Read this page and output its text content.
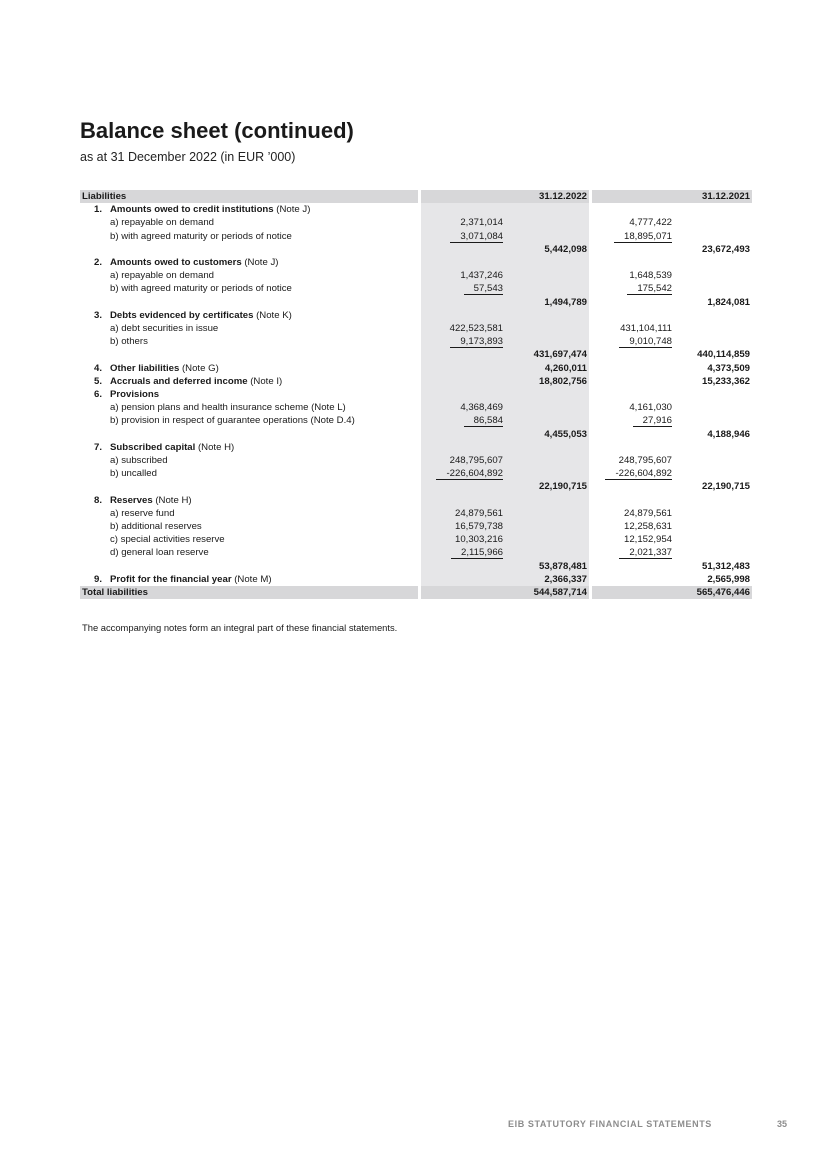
Balance sheet (continued)

as at 31 December 2022 (in EUR ’000)

Liabilities				31.12.2022			31.12.2021
1.	Amounts owed to credit institutions (Note J)						
	a) repayable on demand		2,371,014			4,777,422	
	b) with agreed maturity or periods of notice		3,071,084			18,895,071	
				5,442,098			23,672,493
2.	Amounts owed to customers (Note J)						
	a) repayable on demand		1,437,246			1,648,539	
	b) with agreed maturity or periods of notice		57,543			175,542	
				1,494,789			1,824,081
3.	Debts evidenced by certificates (Note K)						
	a) debt securities in issue		422,523,581			431,104,111	
	b) others		9,173,893			9,010,748	
				431,697,474			440,114,859
4.	Other liabilities (Note G)			4,260,011			4,373,509
5.	Accruals and deferred income (Note I)			18,802,756			15,233,362
6.	Provisions						
	a) pension plans and health insurance scheme (Note L)		4,368,469			4,161,030	
	b) provision in respect of guarantee operations (Note D.4)		86,584			27,916	
				4,455,053			4,188,946
7.	Subscribed capital (Note H)						
	a) subscribed		248,795,607			248,795,607	
	b) uncalled		-226,604,892			-226,604,892	
				22,190,715			22,190,715
8.	Reserves (Note H)						
	a) reserve fund		24,879,561			24,879,561	
	b) additional reserves		16,579,738			12,258,631	
	c) special activities reserve		10,303,216			12,152,954	
	d) general loan reserve		2,115,966			2,021,337	
				53,878,481			51,312,483
9.	Profit for the financial year (Note M)			2,366,337			2,565,998
Total liabilities				544,587,714			565,476,446

The accompanying notes form an integral part of these financial statements.

EIB STATUTORY FINANCIAL STATEMENTS	35
